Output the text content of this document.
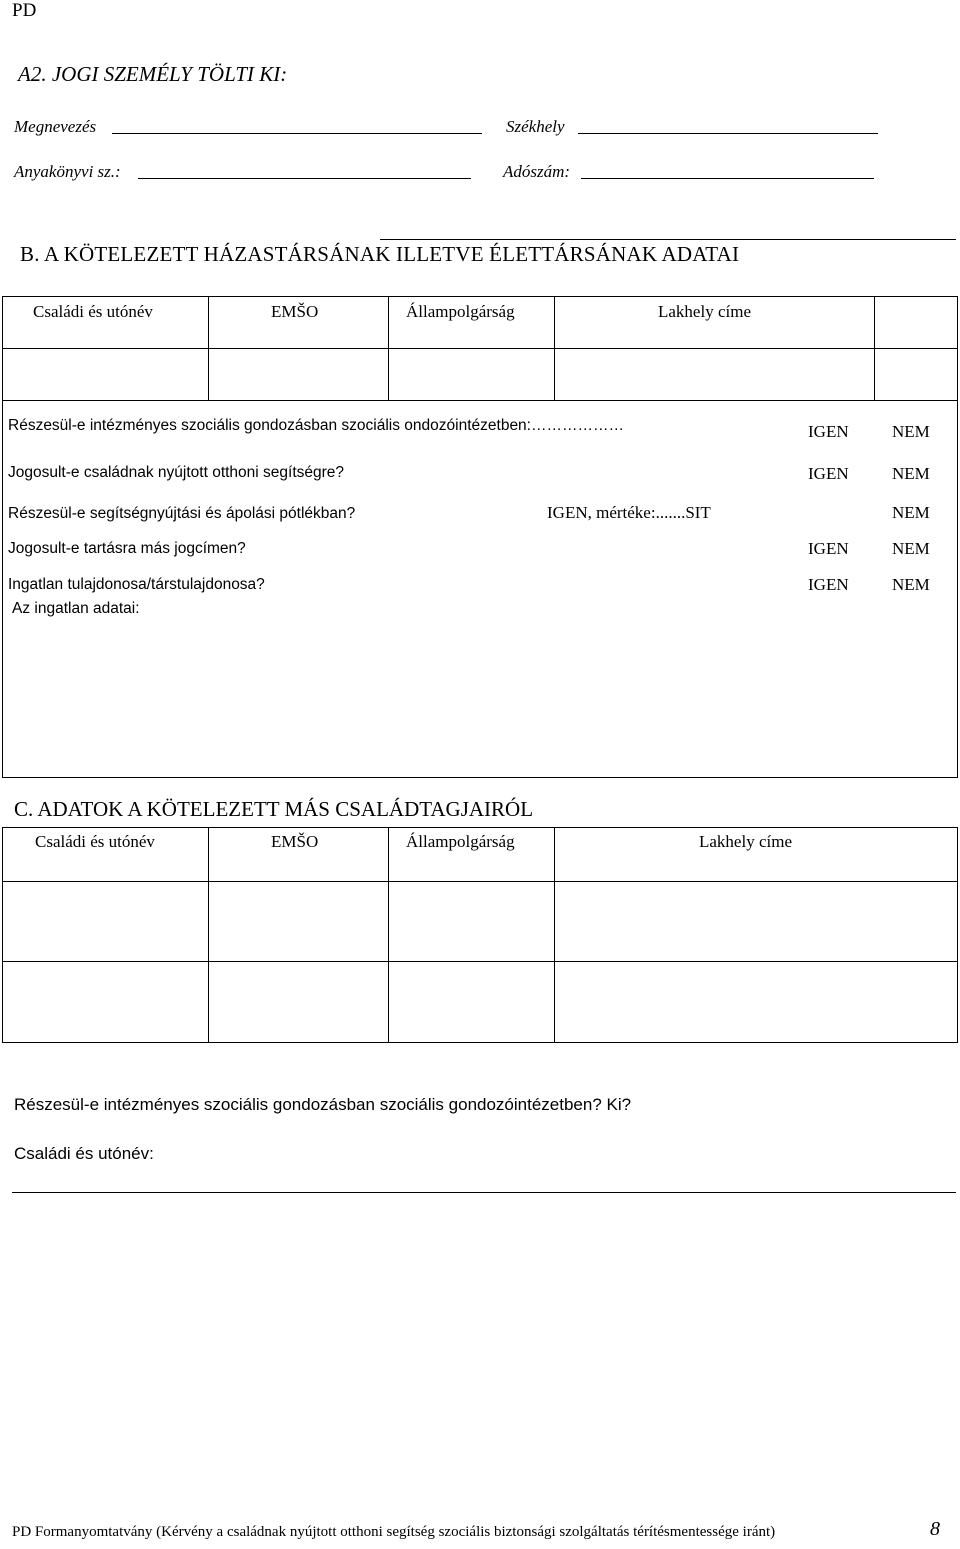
PD
A2. JOGI SZEMÉLY TÖLTI KI:
Megnevezés	Székhely
Anyakönyvi sz.:	Adószám:
B. A KÖTELEZETT HÁZASTÁRSÁNAK ILLETVE ÉLETTÁRSÁNAK ADATAI
Családi és utónév	EMŠO	Állampolgárság	Lakhely címe
Részesül-e intézményes szociális gondozásban szociális ondozóintézetben:………………	IGEN	NEM
Jogosult-e családnak nyújtott otthoni segítségre?	IGEN	NEM
Részesül-e segítségnyújtási és ápolási pótlékban?	IGEN, mértéke:.......SIT	NEM
Jogosult-e tartásra más jogcímen?	IGEN	NEM
Ingatlan tulajdonosa/társtulajdonosa?	IGEN	NEM
Az ingatlan adatai:
C. ADATOK A KÖTELEZETT MÁS CSALÁDTAGJAIRÓL
Családi és utónév	EMŠO	Állampolgárság	Lakhely címe
Részesül-e intézményes szociális gondozásban szociális gondozóintézetben? Ki?
Családi és utónév:
PD Formanyomtatvány (Kérvény a családnak nyújtott otthoni segítség szociális biztonsági szolgáltatás térítésmentessége iránt)	8
